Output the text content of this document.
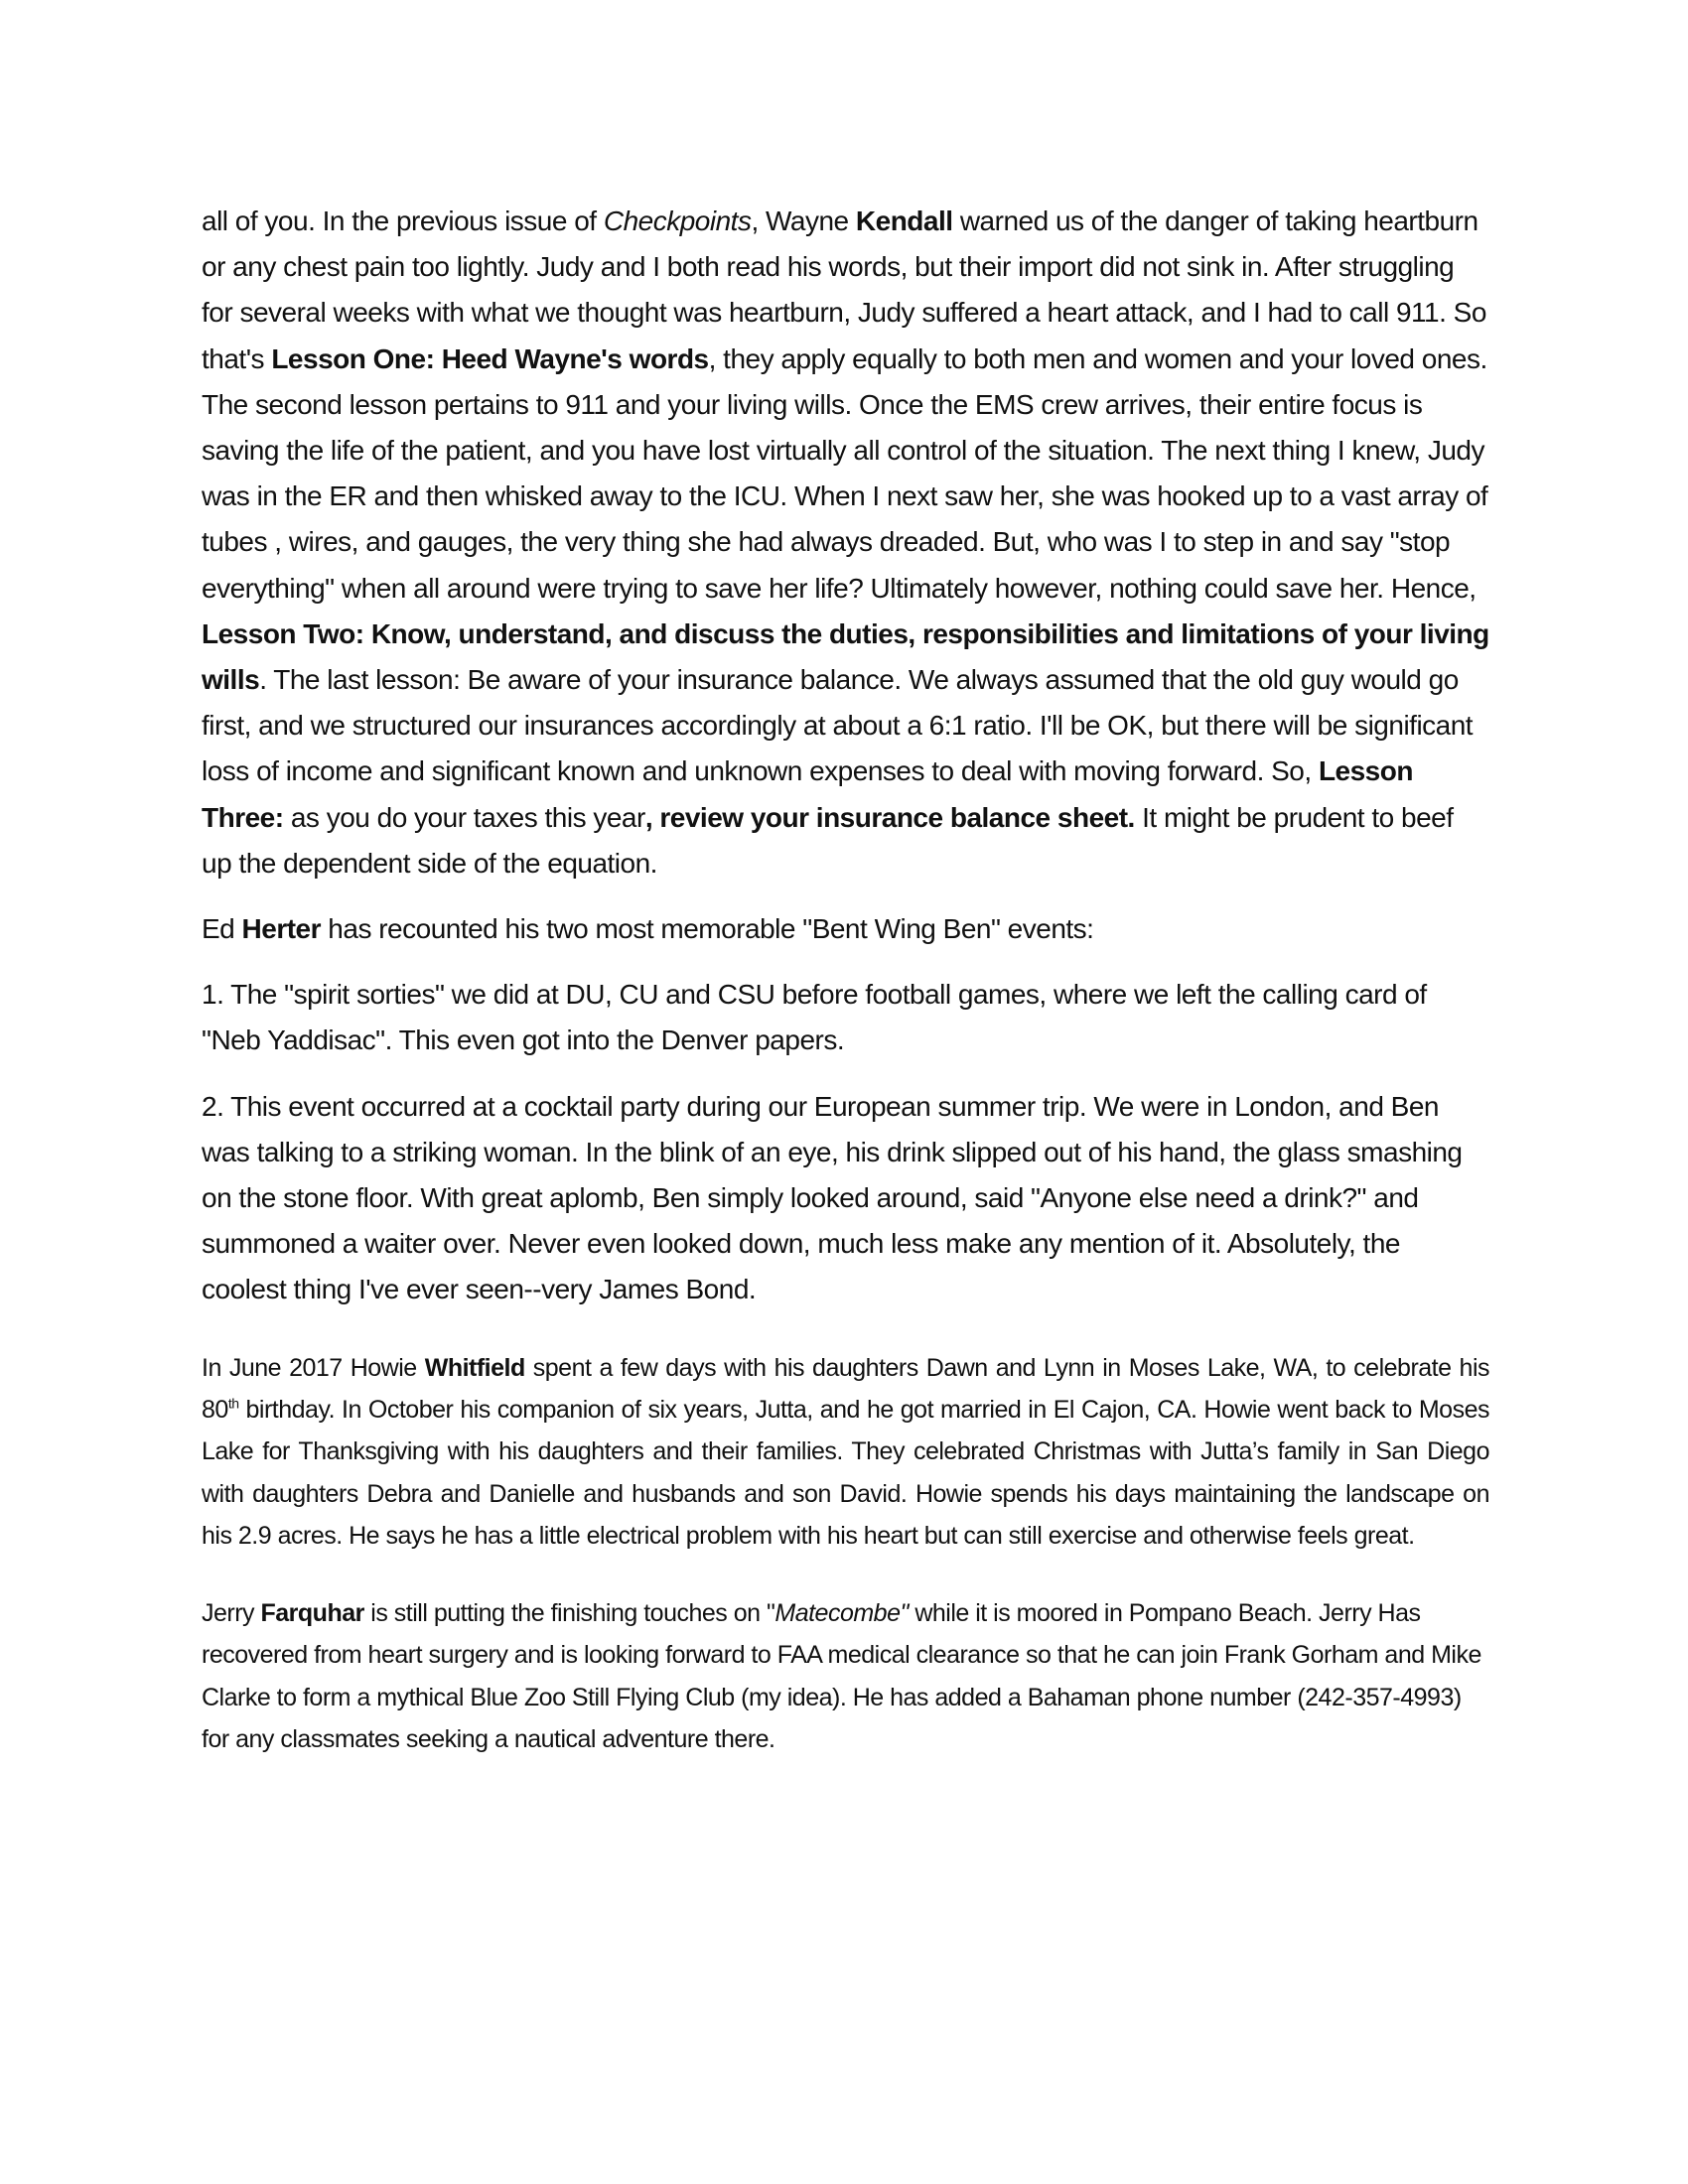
all of you. In the previous issue of Checkpoints, Wayne Kendall warned us of the danger of taking heartburn or any chest pain too lightly. Judy and I both read his words, but their import did not sink in. After struggling for several weeks with what we thought was heartburn, Judy suffered a heart attack, and I had to call 911. So that's Lesson One: Heed Wayne's words, they apply equally to both men and women and your loved ones. The second lesson pertains to 911 and your living wills. Once the EMS crew arrives, their entire focus is saving the life of the patient, and you have lost virtually all control of the situation. The next thing I knew, Judy was in the ER and then whisked away to the ICU. When I next saw her, she was hooked up to a vast array of tubes , wires, and gauges, the very thing she had always dreaded. But, who was I to step in and say "stop everything" when all around were trying to save her life? Ultimately however, nothing could save her. Hence, Lesson Two: Know, understand, and discuss the duties, responsibilities and limitations of your living wills. The last lesson: Be aware of your insurance balance. We always assumed that the old guy would go first, and we structured our insurances accordingly at about a 6:1 ratio. I'll be OK, but there will be significant loss of income and significant known and unknown expenses to deal with moving forward. So, Lesson Three: as you do your taxes this year, review your insurance balance sheet. It might be prudent to beef up the dependent side of the equation.

Ed Herter has recounted his two most memorable "Bent Wing Ben" events:

1. The "spirit sorties" we did at DU, CU and CSU before football games, where we left the calling card of "Neb Yaddisac". This even got into the Denver papers.

2. This event occurred at a cocktail party during our European summer trip. We were in London, and Ben was talking to a striking woman. In the blink of an eye, his drink slipped out of his hand, the glass smashing on the stone floor. With great aplomb, Ben simply looked around, said "Anyone else need a drink?" and summoned a waiter over. Never even looked down, much less make any mention of it. Absolutely, the coolest thing I've ever seen--very James Bond.

In June 2017 Howie Whitfield spent a few days with his daughters Dawn and Lynn in Moses Lake, WA, to celebrate his 80th birthday. In October his companion of six years, Jutta, and he got married in El Cajon, CA. Howie went back to Moses Lake for Thanksgiving with his daughters and their families. They celebrated Christmas with Jutta’s family in San Diego with daughters Debra and Danielle and husbands and son David. Howie spends his days maintaining the landscape on his 2.9 acres. He says he has a little electrical problem with his heart but can still exercise and otherwise feels great.

Jerry Farquhar is still putting the finishing touches on "Matecombe" while it is moored in Pompano Beach. Jerry Has recovered from heart surgery and is looking forward to FAA medical clearance so that he can join Frank Gorham and Mike Clarke to form a mythical Blue Zoo Still Flying Club (my idea). He has added a Bahaman phone number (242-357-4993) for any classmates seeking a nautical adventure there.
